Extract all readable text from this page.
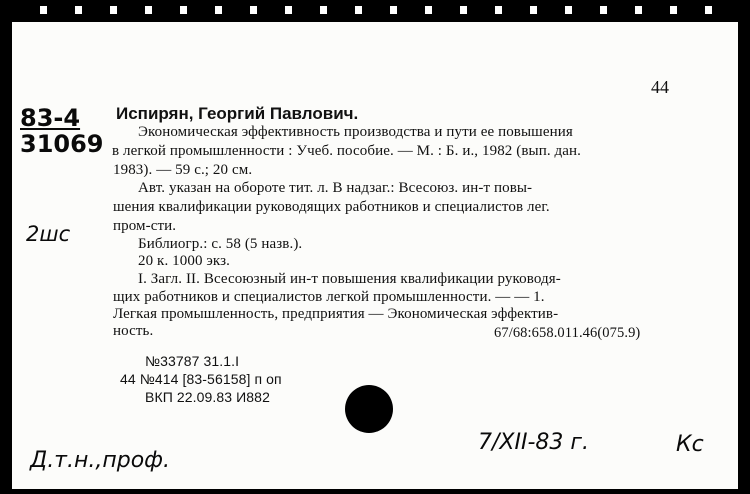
44
83-4
31069
2шс
Испирян, Георгий Павлович.
Экономическая эффективность производства и пути ее повышения
в легкой промышленности : Учеб. пособие. — М. : Б. и., 1982 (вып. дан.
1983). — 59 с.; 20 см.
Авт. указан на обороте тит. л. В надзаг.: Всесоюз. ин-т повы-
шения квалификации руководящих работников и специалистов лег.
пром-сти.
Библиогр.: с. 58 (5 назв.).
20 к. 1000 экз.
I. Загл. II. Всесоюзный ин-т повышения квалификации руководя-
щих работников и специалистов легкой промышленности. — — 1.
Легкая промышленность, предприятия — Экономическая эффектив-
ность.	67/68:658.011.46(075.9)
№33787 31.1.I
44 №414 [83-56158] п оп
ВКП 22.09.83 И882
Д.т.н.,проф.
7/XII-83 г.	Кс
